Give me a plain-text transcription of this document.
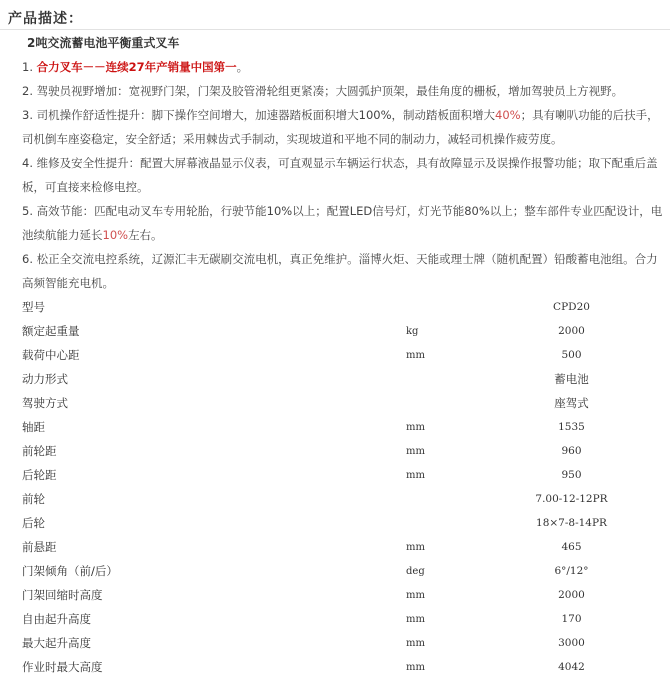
产品描述：
2吨交流蓄电池平衡重式叉车

1. 合力叉车－－连续27年产销量中国第一。

2. 驾驶员视野增加：宽视野门架，门架及胶管滑轮组更紧凑；大圆弧护顶架，最佳角度的栅板，增加驾驶员上方视野。

3. 司机操作舒适性提升：脚下操作空间增大，加速器踏板面积增大100%，制动踏板面积增大40%；具有喇叭功能的后扶手，司机倒车座姿稳定，安全舒适；采用棘齿式手制动，实现坡道和平地不同的制动力，减轻司机操作疲劳度。

4. 维修及安全性提升：配置大屏幕液晶显示仪表，可直观显示车辆运行状态，具有故障显示及误操作报警功能；取下配重后盖板，可直接来检修电控。

5. 高效节能：匹配电动叉车专用轮胎，行驶节能10%以上；配置LED信号灯，灯光节能80%以上；整车部件专业匹配设计，电池续航能力延长10%左右。

6. 松正全交流电控系统，辽源汇丰无碳刷交流电机，真正免维护。淄博火炬、天能或理士牌（随机配置）铅酸蓄电池组。合力高频智能充电机。

型号		CPD20
额定起重量	kg	2000
载荷中心距	mm	500
动力形式		蓄电池
驾驶方式		座驾式
轴距	mm	1535
前轮距	mm	960
后轮距	mm	950
前轮		7.00-12-12PR
后轮		18×7-8-14PR
前悬距	mm	465
门架倾角（前/后）	deg	6°/12°
门架回缩时高度	mm	2000
自由起升高度	mm	170
最大起升高度	mm	3000
作业时最大高度	mm	4042
